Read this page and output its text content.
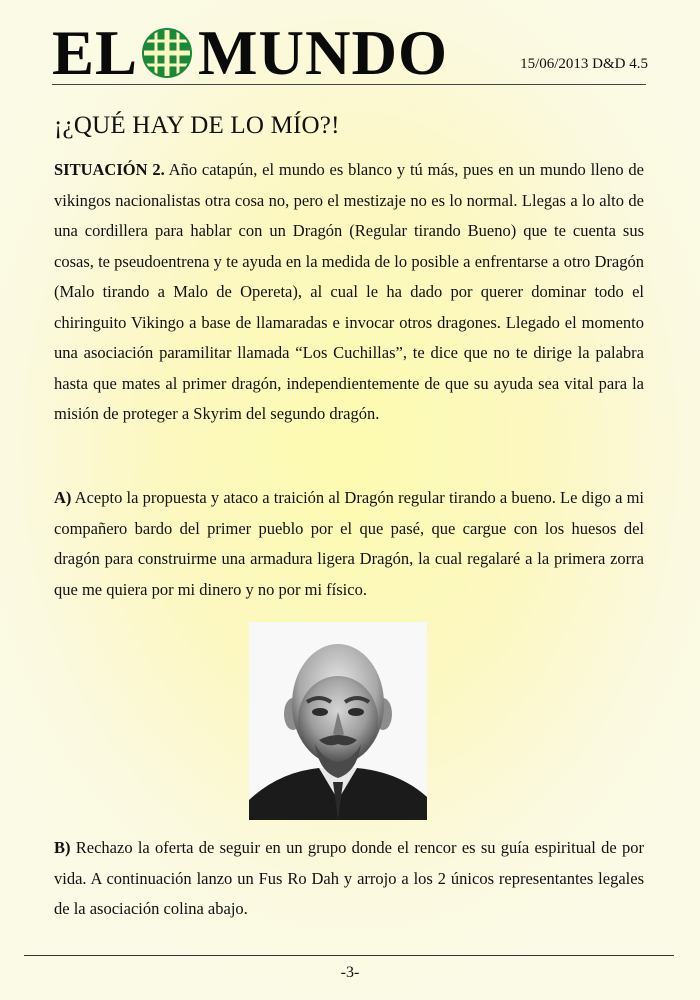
EL MUNDO	15/06/2013 D&D 4.5
¡¿QUÉ HAY DE LO MÍO?!

SITUACIÓN 2. Año catapún, el mundo es blanco y tú más, pues en un mundo lleno de vikingos nacionalistas otra cosa no, pero el mestizaje no es lo normal. Llegas a lo alto de una cordillera para hablar con un Dragón (Regular tirando Bueno) que te cuenta sus cosas, te pseudoentrena y te ayuda en la medida de lo posible a enfrentarse a otro Dragón (Malo tirando a Malo de Opereta), al cual le ha dado por querer dominar todo el chiringuito Vikingo a base de llamaradas e invocar otros dragones. Llegado el momento una asociación paramilitar llamada “Los Cuchillas”, te dice que no te dirige la palabra hasta que mates al primer dragón, independientemente de que su ayuda sea vital para la misión de proteger a Skyrim del segundo dragón.

A) Acepto la propuesta y ataco a traición al Dragón regular tirando a bueno. Le digo a mi compañero bardo del primer pueblo por el que pasé, que cargue con los huesos del dragón para construirme una armadura ligera Dragón, la cual regalaré a la primera zorra que me quiera por mi dinero y no por mi físico.

B) Rechazo la oferta de seguir en un grupo donde el rencor es su guía espiritual de por vida. A continuación lanzo un Fus Ro Dah y arrojo a los 2 únicos representantes legales de la asociación colina abajo.

-3-
